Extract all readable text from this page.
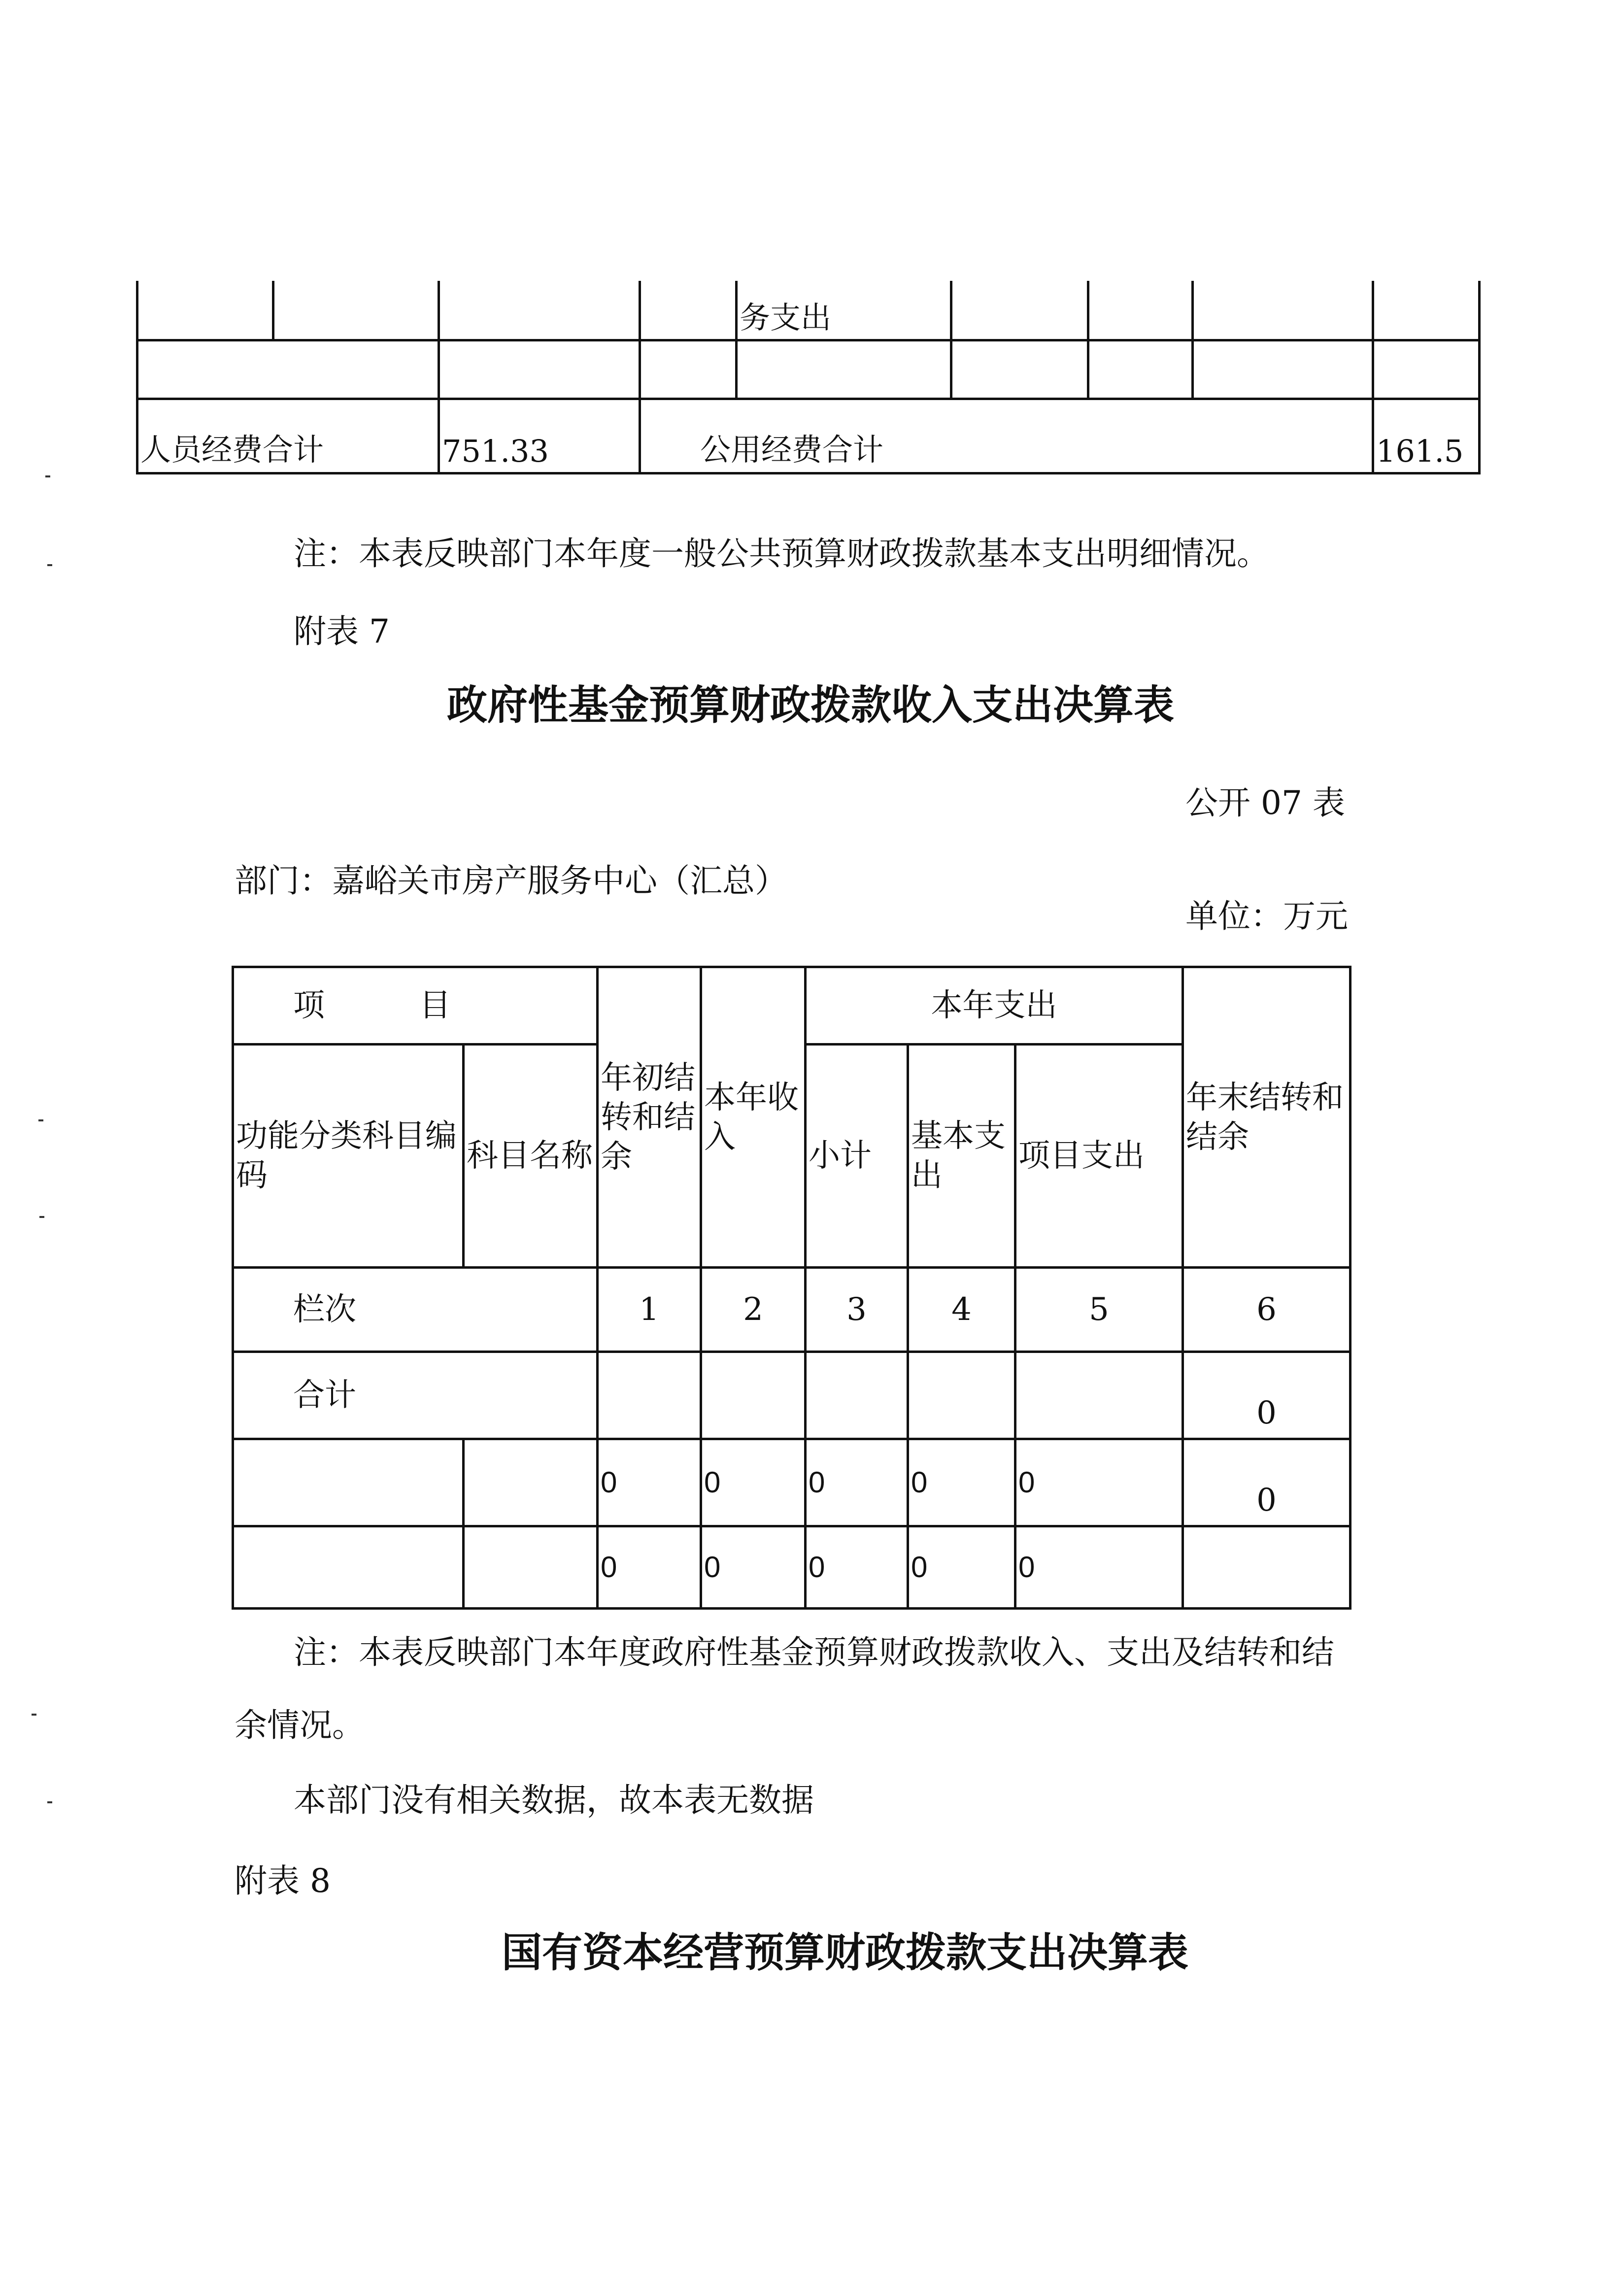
				务支出				

人员经费合计		751.33	公用经费合计					161.5
注：本表反映部门本年度一般公共预算财政拨款基本支出明细情况。
附表 7
政府性基金预算财政拨款收入支出决算表
公开 07 表
部门：嘉峪关市房产服务中心（汇总）
单位：万元
项　　　目		年初结转和结余	本年收入	本年支出			年末结转和结余
功能分类科目编码	科目名称			小计	基本支出	项目支出	
栏次		1	2	3	4	5	6
合计							0
		0	0	0	0	0	0
		0	0	0	0	0	
注：本表反映部门本年度政府性基金预算财政拨款收入、支出及结转和结
余情况。
本部门没有相关数据，故本表无数据
附表 8
国有资本经营预算财政拨款支出决算表
